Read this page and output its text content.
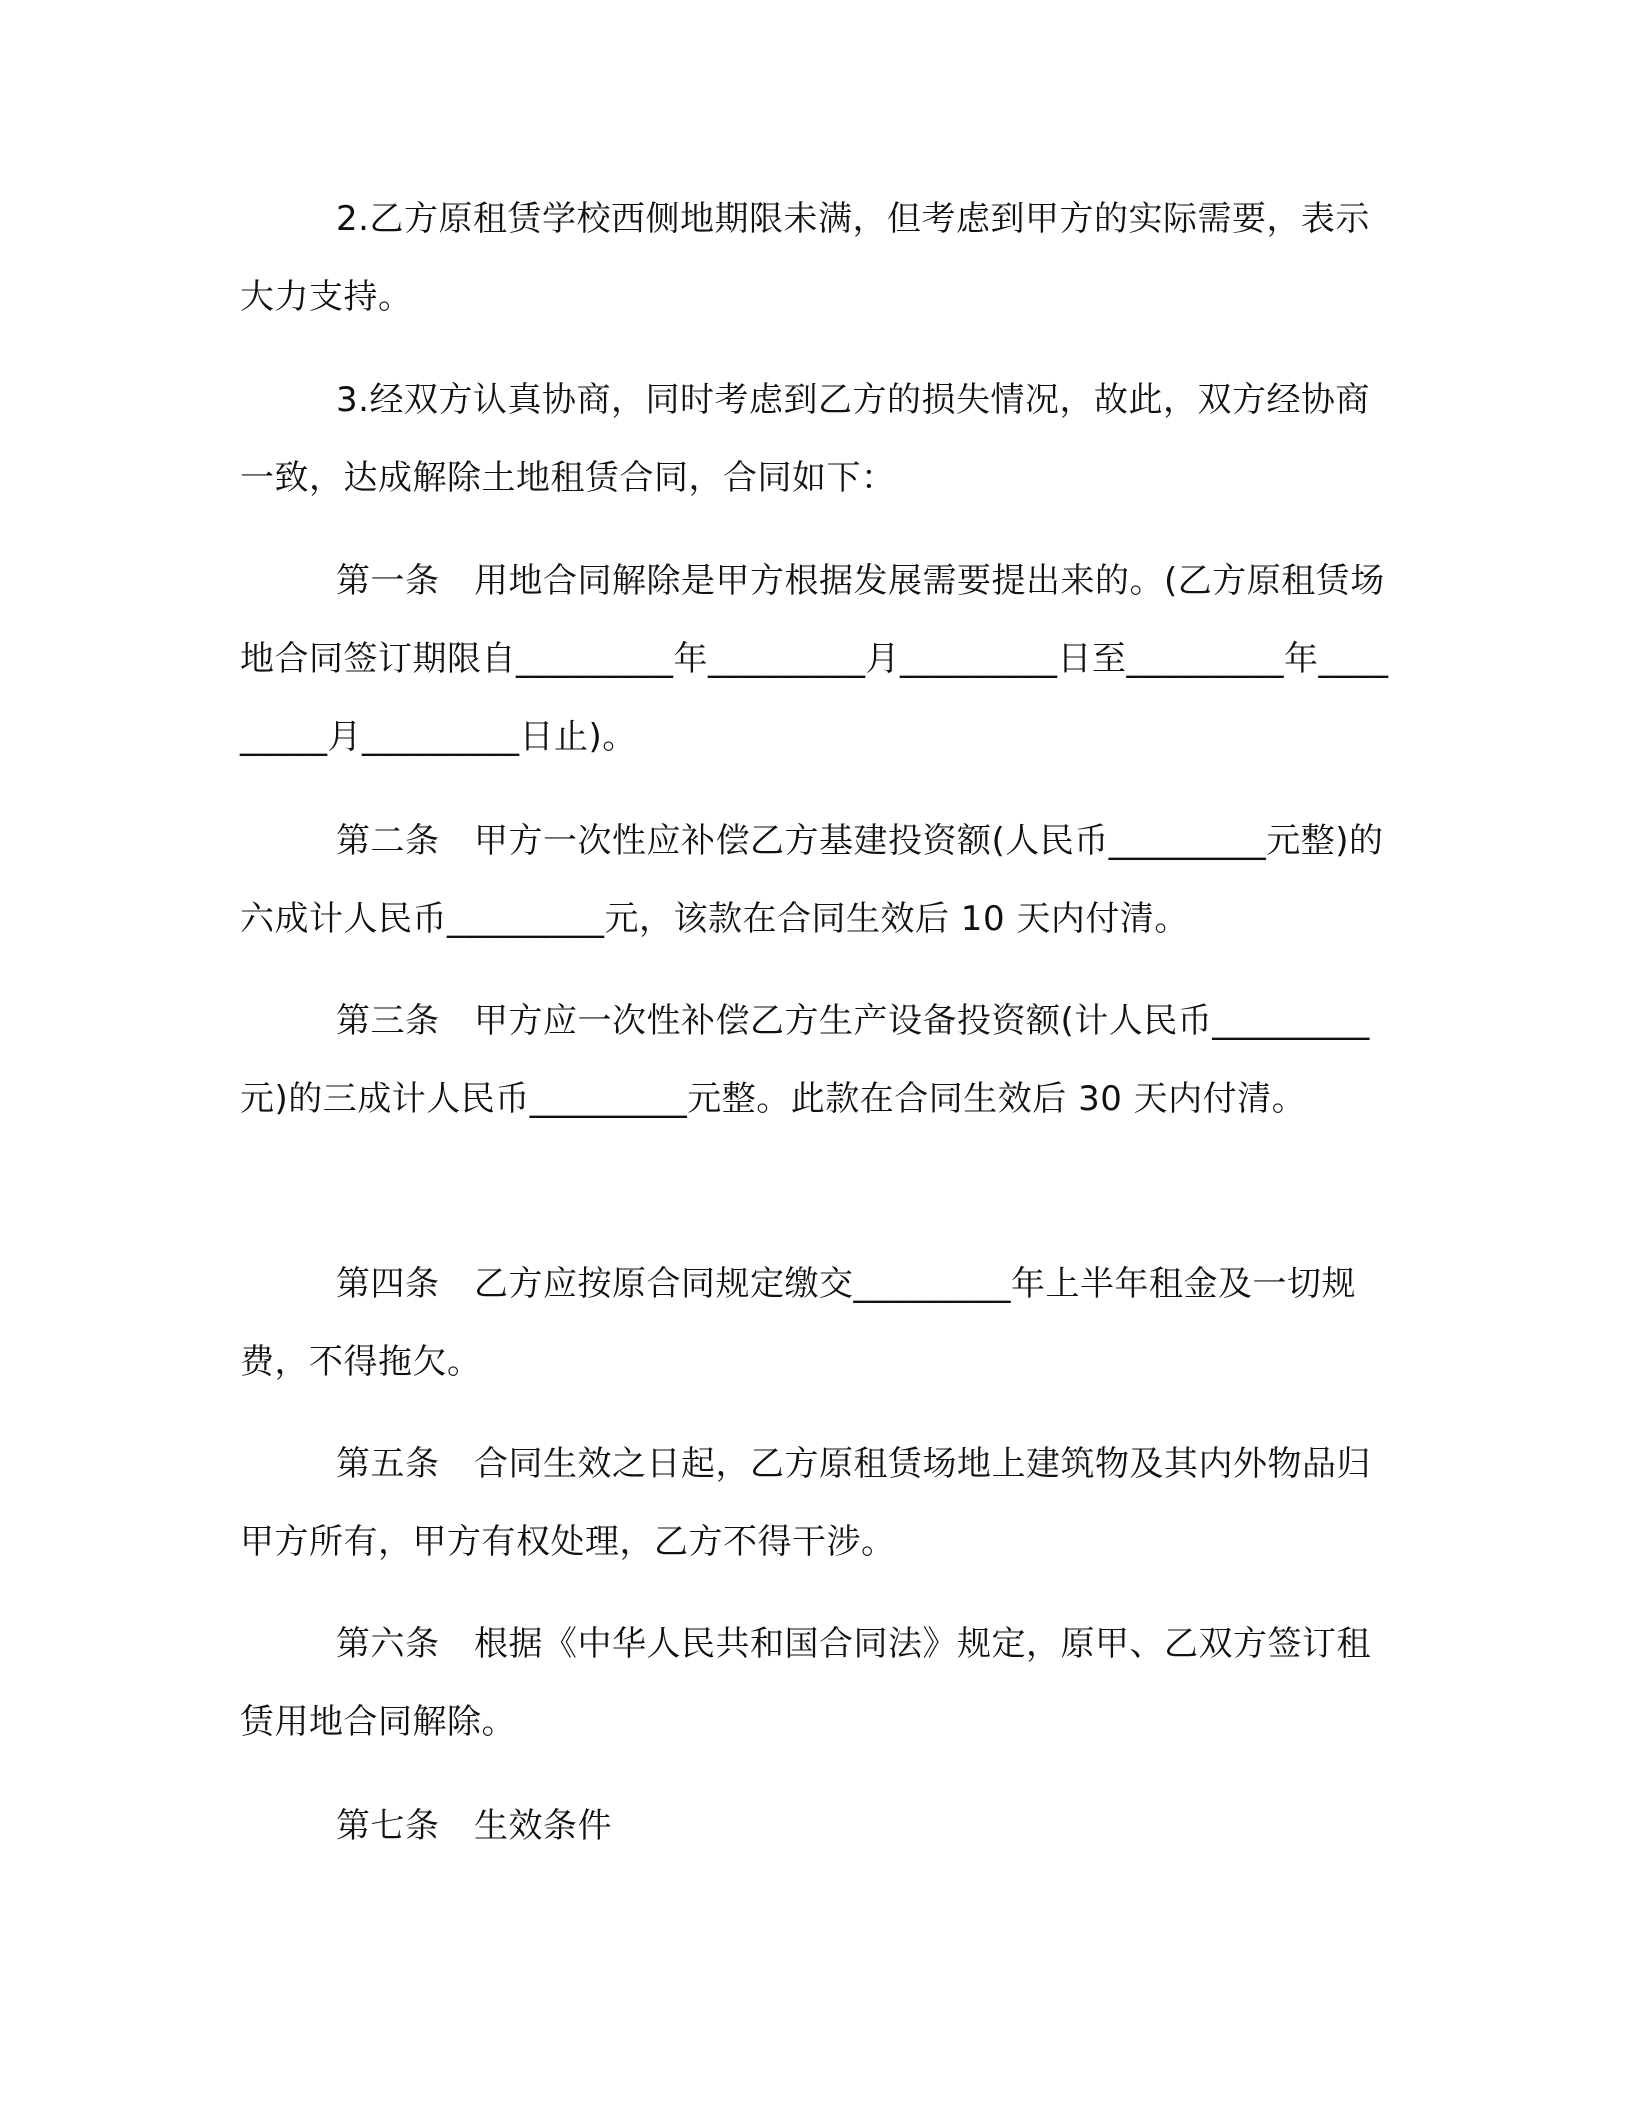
2.乙方原租赁学校西侧地期限未满，但考虑到甲方的实际需要，表示大力支持。

3.经双方认真协商，同时考虑到乙方的损失情况，故此，双方经协商一致，达成解除土地租赁合同，合同如下：

第一条　用地合同解除是甲方根据发展需要提出来的。(乙方原租赁场地合同签订期限自_________年_________月_________日至_________年_________月_________日止)。

第二条　甲方一次性应补偿乙方基建投资额(人民币_________元整)的六成计人民币_________元，该款在合同生效后 10 天内付清。

第三条　甲方应一次性补偿乙方生产设备投资额(计人民币_________元)的三成计人民币_________元整。此款在合同生效后 30 天内付清。

第四条　乙方应按原合同规定缴交_________年上半年租金及一切规费，不得拖欠。

第五条　合同生效之日起，乙方原租赁场地上建筑物及其内外物品归甲方所有，甲方有权处理，乙方不得干涉。

第六条　根据《中华人民共和国合同法》规定，原甲、乙双方签订租赁用地合同解除。

第七条　生效条件
